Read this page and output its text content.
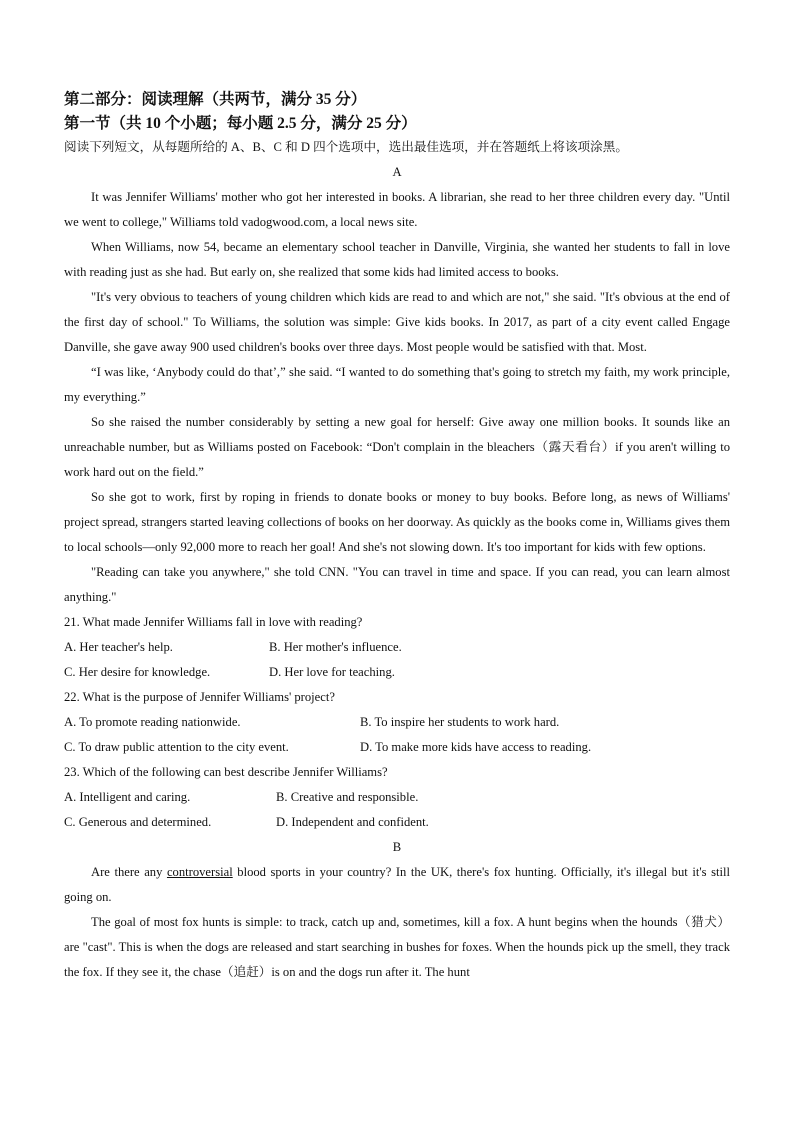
第二部分：阅读理解（共两节，满分 35 分）

第一节（共 10 个小题；每小题 2.5 分，满分 25 分）

阅读下列短文，从每题所给的 A、B、C 和 D 四个选项中，选出最佳选项，并在答题纸上将该项涂黑。

A

It was Jennifer Williams' mother who got her interested in books. A librarian, she read to her three children every day. "Until we went to college," Williams told vadogwood.com, a local news site.

When Williams, now 54, became an elementary school teacher in Danville, Virginia, she wanted her students to fall in love with reading just as she had. But early on, she realized that some kids had limited access to books.

"It's very obvious to teachers of young children which kids are read to and which are not," she said. "It's obvious at the end of the first day of school." To Williams, the solution was simple: Give kids books. In 2017, as part of a city event called Engage Danville, she gave away 900 used children's books over three days. Most people would be satisfied with that. Most.

“I was like, ‘Anybody could do that’,” she said. “I wanted to do something that's going to stretch my faith, my work principle, my everything.”

So she raised the number considerably by setting a new goal for herself: Give away one million books. It sounds like an unreachable number, but as Williams posted on Facebook: “Don't complain in the bleachers（露天看台）if you aren't willing to work hard out on the field.”

So she got to work, first by roping in friends to donate books or money to buy books. Before long, as news of Williams' project spread, strangers started leaving collections of books on her doorway. As quickly as the books come in, Williams gives them to local schools—only 92,000 more to reach her goal! And she's not slowing down. It's too important for kids with few options.

"Reading can take you anywhere," she told CNN. "You can travel in time and space. If you can read, you can learn almost anything."

21. What made Jennifer Williams fall in love with reading?

A. Her teacher's help.	B. Her mother's influence.
C. Her desire for knowledge.	D. Her love for teaching.

22. What is the purpose of Jennifer Williams' project?

A. To promote reading nationwide.	B. To inspire her students to work hard.
C. To draw public attention to the city event.	D. To make more kids have access to reading.

23. Which of the following can best describe Jennifer Williams?

A. Intelligent and caring.	B. Creative and responsible.
C. Generous and determined.	D. Independent and confident.

B

Are there any controversial blood sports in your country? In the UK, there's fox hunting. Officially, it's illegal but it's still going on.

The goal of most fox hunts is simple: to track, catch up and, sometimes, kill a fox. A hunt begins when the hounds（猎犬）are "cast". This is when the dogs are released and start searching in bushes for foxes. When the hounds pick up the smell, they track the fox. If they see it, the chase（追赶）is on and the dogs run after it. The hunt
